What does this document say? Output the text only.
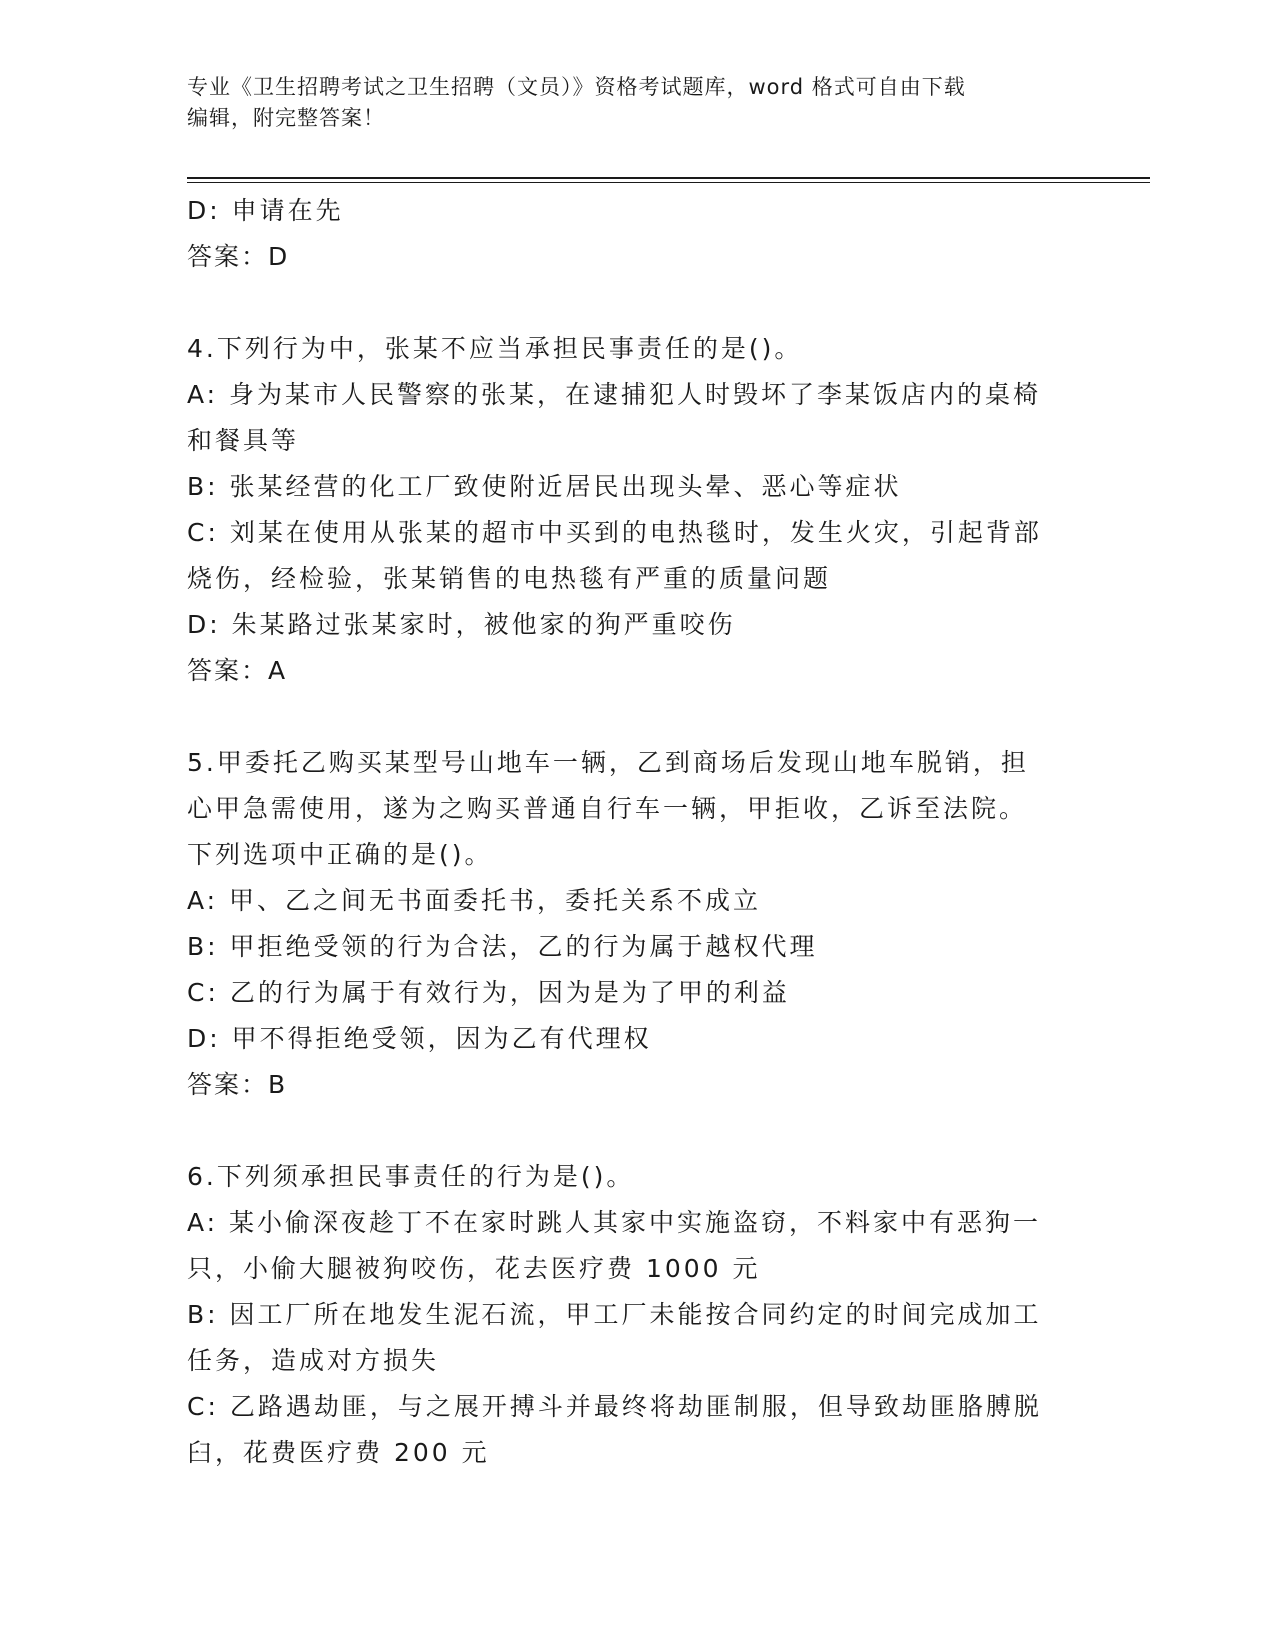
专业《卫生招聘考试之卫生招聘（文员）》资格考试题库，word 格式可自由下载
编辑，附完整答案！
D: 申请在先
答案：D
4.下列行为中，张某不应当承担民事责任的是()。
A: 身为某市人民警察的张某，在逮捕犯人时毁坏了李某饭店内的桌椅
和餐具等
B: 张某经营的化工厂致使附近居民出现头晕、恶心等症状
C: 刘某在使用从张某的超市中买到的电热毯时，发生火灾，引起背部
烧伤，经检验，张某销售的电热毯有严重的质量问题
D: 朱某路过张某家时，被他家的狗严重咬伤
答案：A
5.甲委托乙购买某型号山地车一辆，乙到商场后发现山地车脱销，担
心甲急需使用，遂为之购买普通自行车一辆，甲拒收，乙诉至法院。
下列选项中正确的是()。
A: 甲、乙之间无书面委托书，委托关系不成立
B: 甲拒绝受领的行为合法，乙的行为属于越权代理
C: 乙的行为属于有效行为，因为是为了甲的利益
D: 甲不得拒绝受领，因为乙有代理权
答案：B
6.下列须承担民事责任的行为是()。
A: 某小偷深夜趁丁不在家时跳人其家中实施盗窃，不料家中有恶狗一
只，小偷大腿被狗咬伤，花去医疗费 1000 元
B: 因工厂所在地发生泥石流，甲工厂未能按合同约定的时间完成加工
任务，造成对方损失
C: 乙路遇劫匪，与之展开搏斗并最终将劫匪制服，但导致劫匪胳膊脱
臼，花费医疗费 200 元
